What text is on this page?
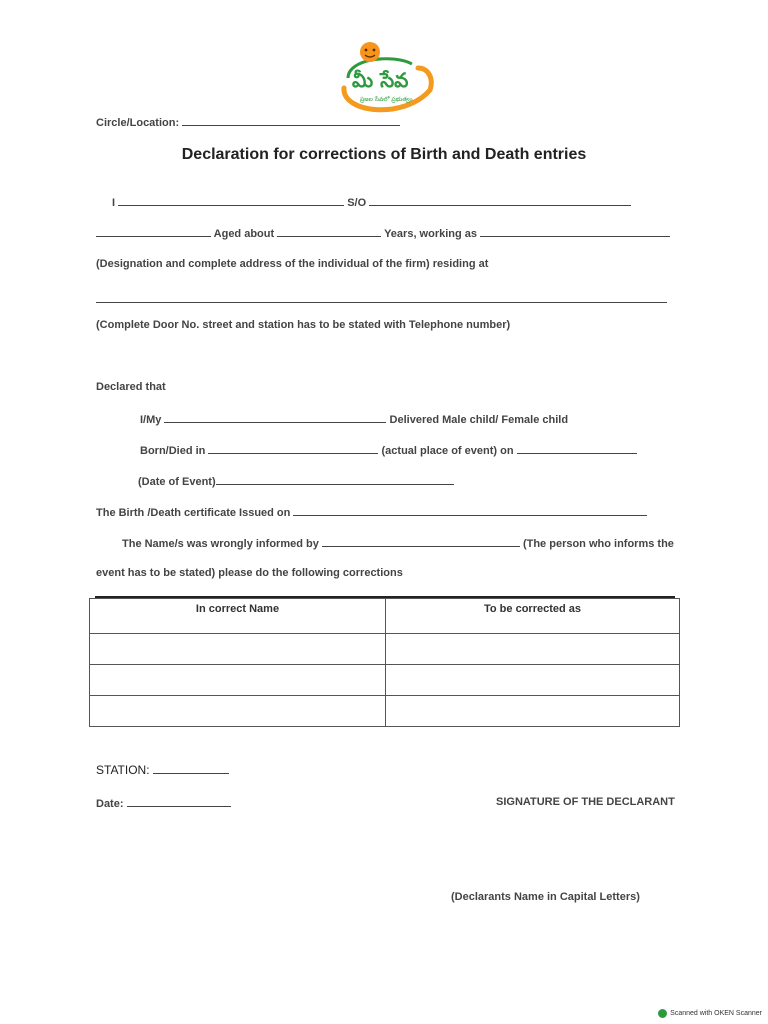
మీ సేవ
ప్రజల సేవలో ప్రభుత్వం
Circle/Location:
Declaration for corrections of Birth and Death entries
I	S/O
Aged about	Years, working as
(Designation and complete address of the individual of the firm) residing at
(Complete Door No. street and station has to be stated with Telephone number)
Declared that
I/My	Delivered Male child/ Female child
Born/Died in	(actual place of event) on
(Date of Event)
The Birth /Death certificate Issued on
The Name/s was wrongly informed by	(The person who informs the
event has to be stated) please do the following corrections
In correct Name	To be corrected as

STATION:
Date:	SIGNATURE OF THE DECLARANT
(Declarants Name in Capital Letters)
Scanned with OKEN Scanner
